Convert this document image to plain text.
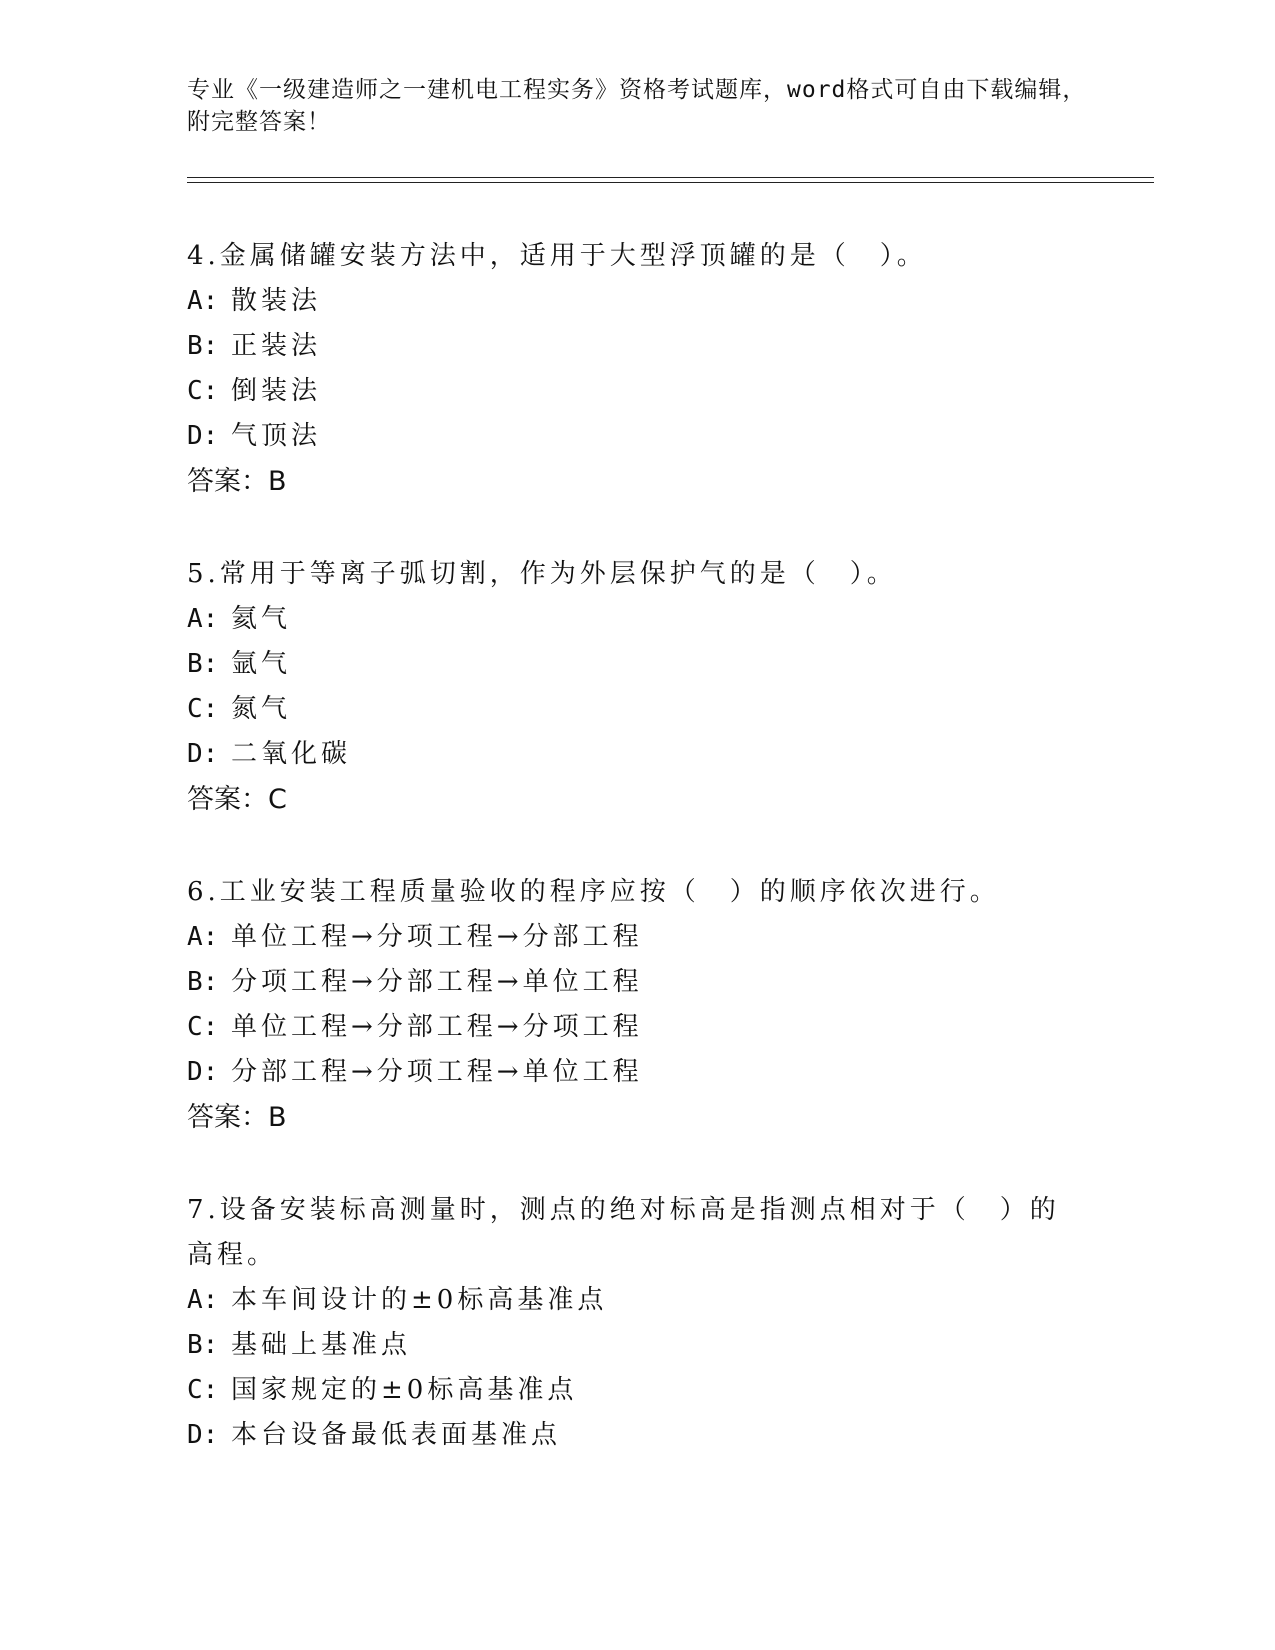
专业《一级建造师之一建机电工程实务》资格考试题库，word格式可自由下载编辑，附完整答案！

4.金属储罐安装方法中，适用于大型浮顶罐的是（　）。

A: 散装法

B: 正装法

C: 倒装法

D: 气顶法

答案：B

5.常用于等离子弧切割，作为外层保护气的是（　）。

A: 氦气

B: 氩气

C: 氮气

D: 二氧化碳

答案：C

6.工业安装工程质量验收的程序应按（　）的顺序依次进行。

A: 单位工程→分项工程→分部工程

B: 分项工程→分部工程→单位工程

C: 单位工程→分部工程→分项工程

D: 分部工程→分项工程→单位工程

答案：B

7.设备安装标高测量时，测点的绝对标高是指测点相对于（　）的高程。

A: 本车间设计的±0标高基准点

B: 基础上基准点

C: 国家规定的±0标高基准点

D: 本台设备最低表面基准点
